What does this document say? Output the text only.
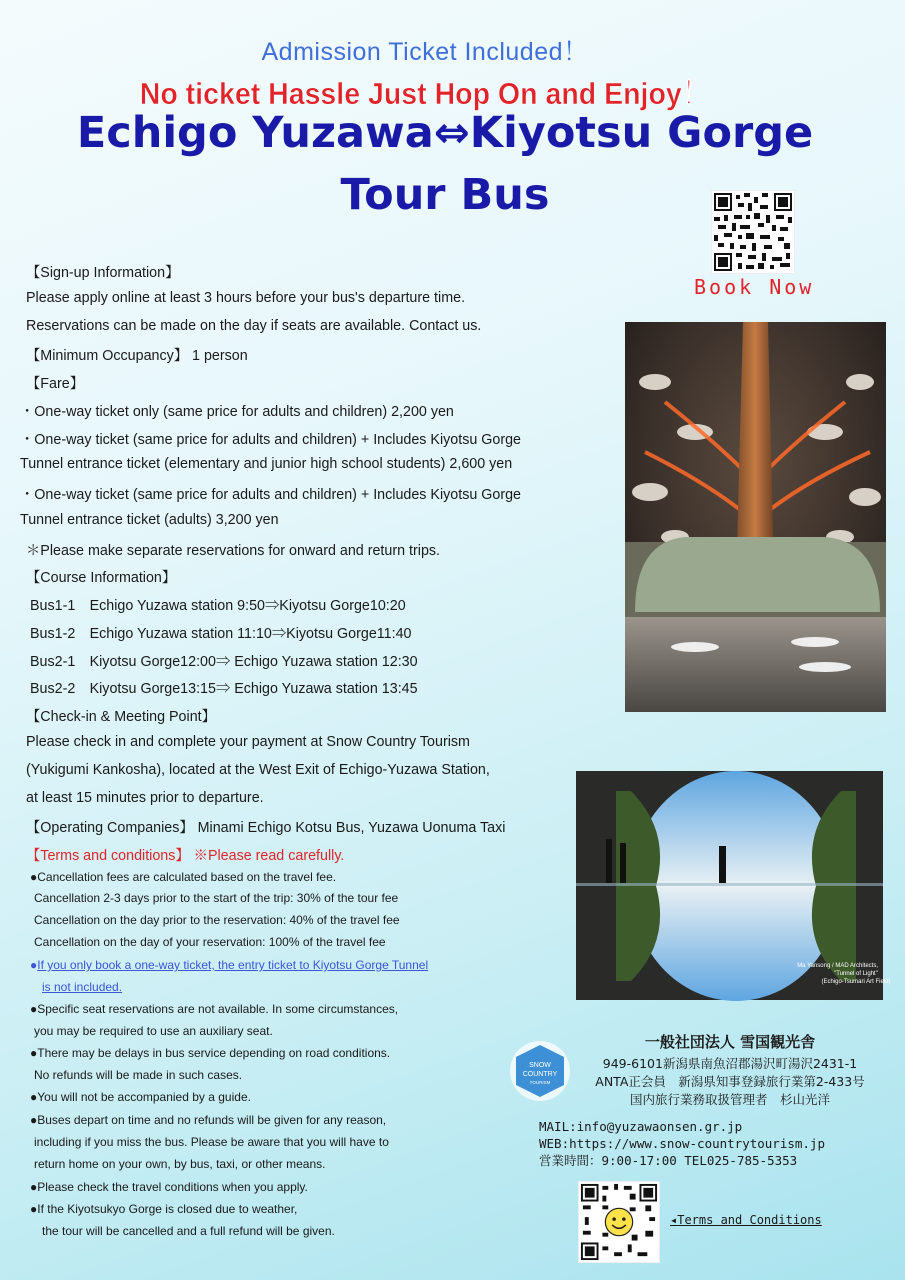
Admission Ticket Included！
No ticket Hassle Just Hop On and Enjoy！
Echigo Yuzawa⇔Kiyotsu Gorge
Tour Bus
Book Now
【Sign-up Information】
Please apply online at least 3 hours before your bus's departure time.
Reservations can be made on the day if seats are available. Contact us.
【Minimum Occupancy】 1 person
【Fare】
・One-way ticket only (same price for adults and children) 2,200 yen
・One-way ticket (same price for adults and children) + Includes Kiyotsu Gorge
Tunnel entrance ticket (elementary and junior high school students) 2,600 yen
・One-way ticket (same price for adults and children) + Includes Kiyotsu Gorge
Tunnel entrance ticket (adults) 3,200 yen
＊Please make separate reservations for onward and return trips.
【Course Information】
Bus1-1　Echigo Yuzawa station 9:50⇒Kiyotsu Gorge10:20
Bus1-2　Echigo Yuzawa station 11:10⇒Kiyotsu Gorge11:40
Bus2-1　Kiyotsu Gorge12:00⇒ Echigo Yuzawa station 12:30
Bus2-2　Kiyotsu Gorge13:15⇒ Echigo Yuzawa station 13:45
【Check-in & Meeting Point】
Please check in and complete your payment at Snow Country Tourism
(Yukigumi Kankosha), located at the West Exit of Echigo-Yuzawa Station,
at least 15 minutes prior to departure.
【Operating Companies】 Minami Echigo Kotsu Bus, Yuzawa Uonuma Taxi
【Terms and conditions】 ※Please read carefully.
●Cancellation fees are calculated based on the travel fee.
Cancellation 2-3 days prior to the start of the trip: 30% of the tour fee
Cancellation on the day prior to the reservation: 40% of the travel fee
Cancellation on the day of your reservation: 100% of the travel fee
●If you only book a one-way ticket, the entry ticket to Kiyotsu Gorge Tunnel
is not included.
●Specific seat reservations are not available. In some circumstances,
you may be required to use an auxiliary seat.
●There may be delays in bus service depending on road conditions.
No refunds will be made in such cases.
●You will not be accompanied by a guide.
●Buses depart on time and no refunds will be given for any reason,
including if you miss the bus. Please be aware that you will have to
return home on your own, by bus, taxi, or other means.
●Please check the travel conditions when you apply.
●If the Kiyotsukyo Gorge is closed due to weather,
the tour will be cancelled and a full refund will be given.
Ma Yansong / MAD Architects,
"Tunnel of Light"
(Echigo-Tsumari Art Field)
SNOW
COUNTRY
TOURISM
一般社団法人 雪国観光舎
949-6101新潟県南魚沼郡湯沢町湯沢2431-1
ANTA正会員　新潟県知事登録旅行業第2-433号
国内旅行業務取扱管理者　杉山光洋
MAIL:info@yuzawaonsen.gr.jp
WEB:https://www.snow-countrytourism.jp
営業時間：9:00-17:00 TEL025-785-5353
◂Terms and Conditions
